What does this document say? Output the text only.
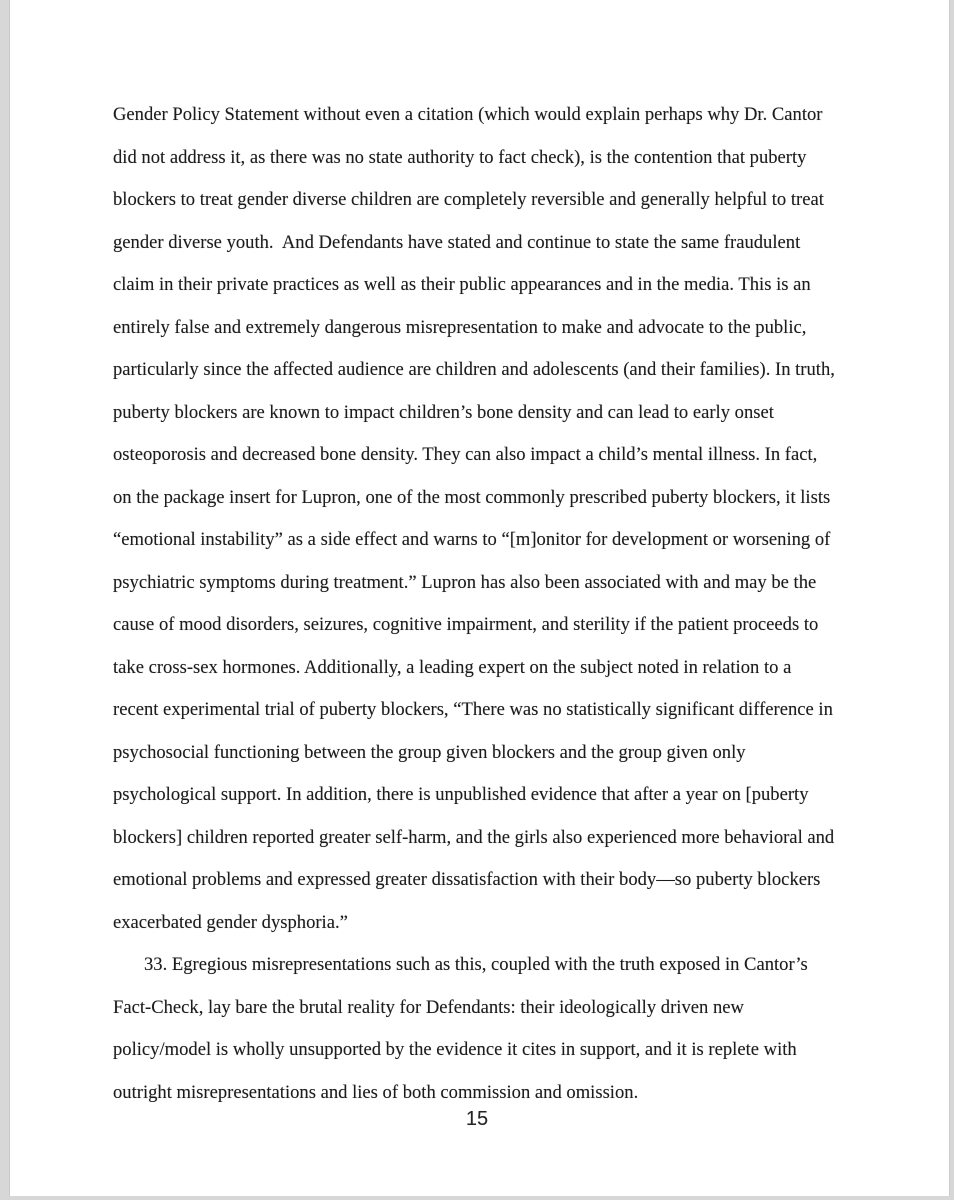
Gender Policy Statement without even a citation (which would explain perhaps why Dr. Cantor
did not address it, as there was no state authority to fact check), is the contention that puberty
blockers to treat gender diverse children are completely reversible and generally helpful to treat
gender diverse youth.  And Defendants have stated and continue to state the same fraudulent
claim in their private practices as well as their public appearances and in the media. This is an
entirely false and extremely dangerous misrepresentation to make and advocate to the public,
particularly since the affected audience are children and adolescents (and their families). In truth,
puberty blockers are known to impact children’s bone density and can lead to early onset
osteoporosis and decreased bone density. They can also impact a child’s mental illness. In fact,
on the package insert for Lupron, one of the most commonly prescribed puberty blockers, it lists
“emotional instability” as a side effect and warns to “[m]onitor for development or worsening of
psychiatric symptoms during treatment.” Lupron has also been associated with and may be the
cause of mood disorders, seizures, cognitive impairment, and sterility if the patient proceeds to
take cross-sex hormones. Additionally, a leading expert on the subject noted in relation to a
recent experimental trial of puberty blockers, “There was no statistically significant difference in
psychosocial functioning between the group given blockers and the group given only
psychological support. In addition, there is unpublished evidence that after a year on [puberty
blockers] children reported greater self-harm, and the girls also experienced more behavioral and
emotional problems and expressed greater dissatisfaction with their body—so puberty blockers
exacerbated gender dysphoria.”
33. Egregious misrepresentations such as this, coupled with the truth exposed in Cantor’s
Fact-Check, lay bare the brutal reality for Defendants: their ideologically driven new
policy/model is wholly unsupported by the evidence it cites in support, and it is replete with
outright misrepresentations and lies of both commission and omission.
15
